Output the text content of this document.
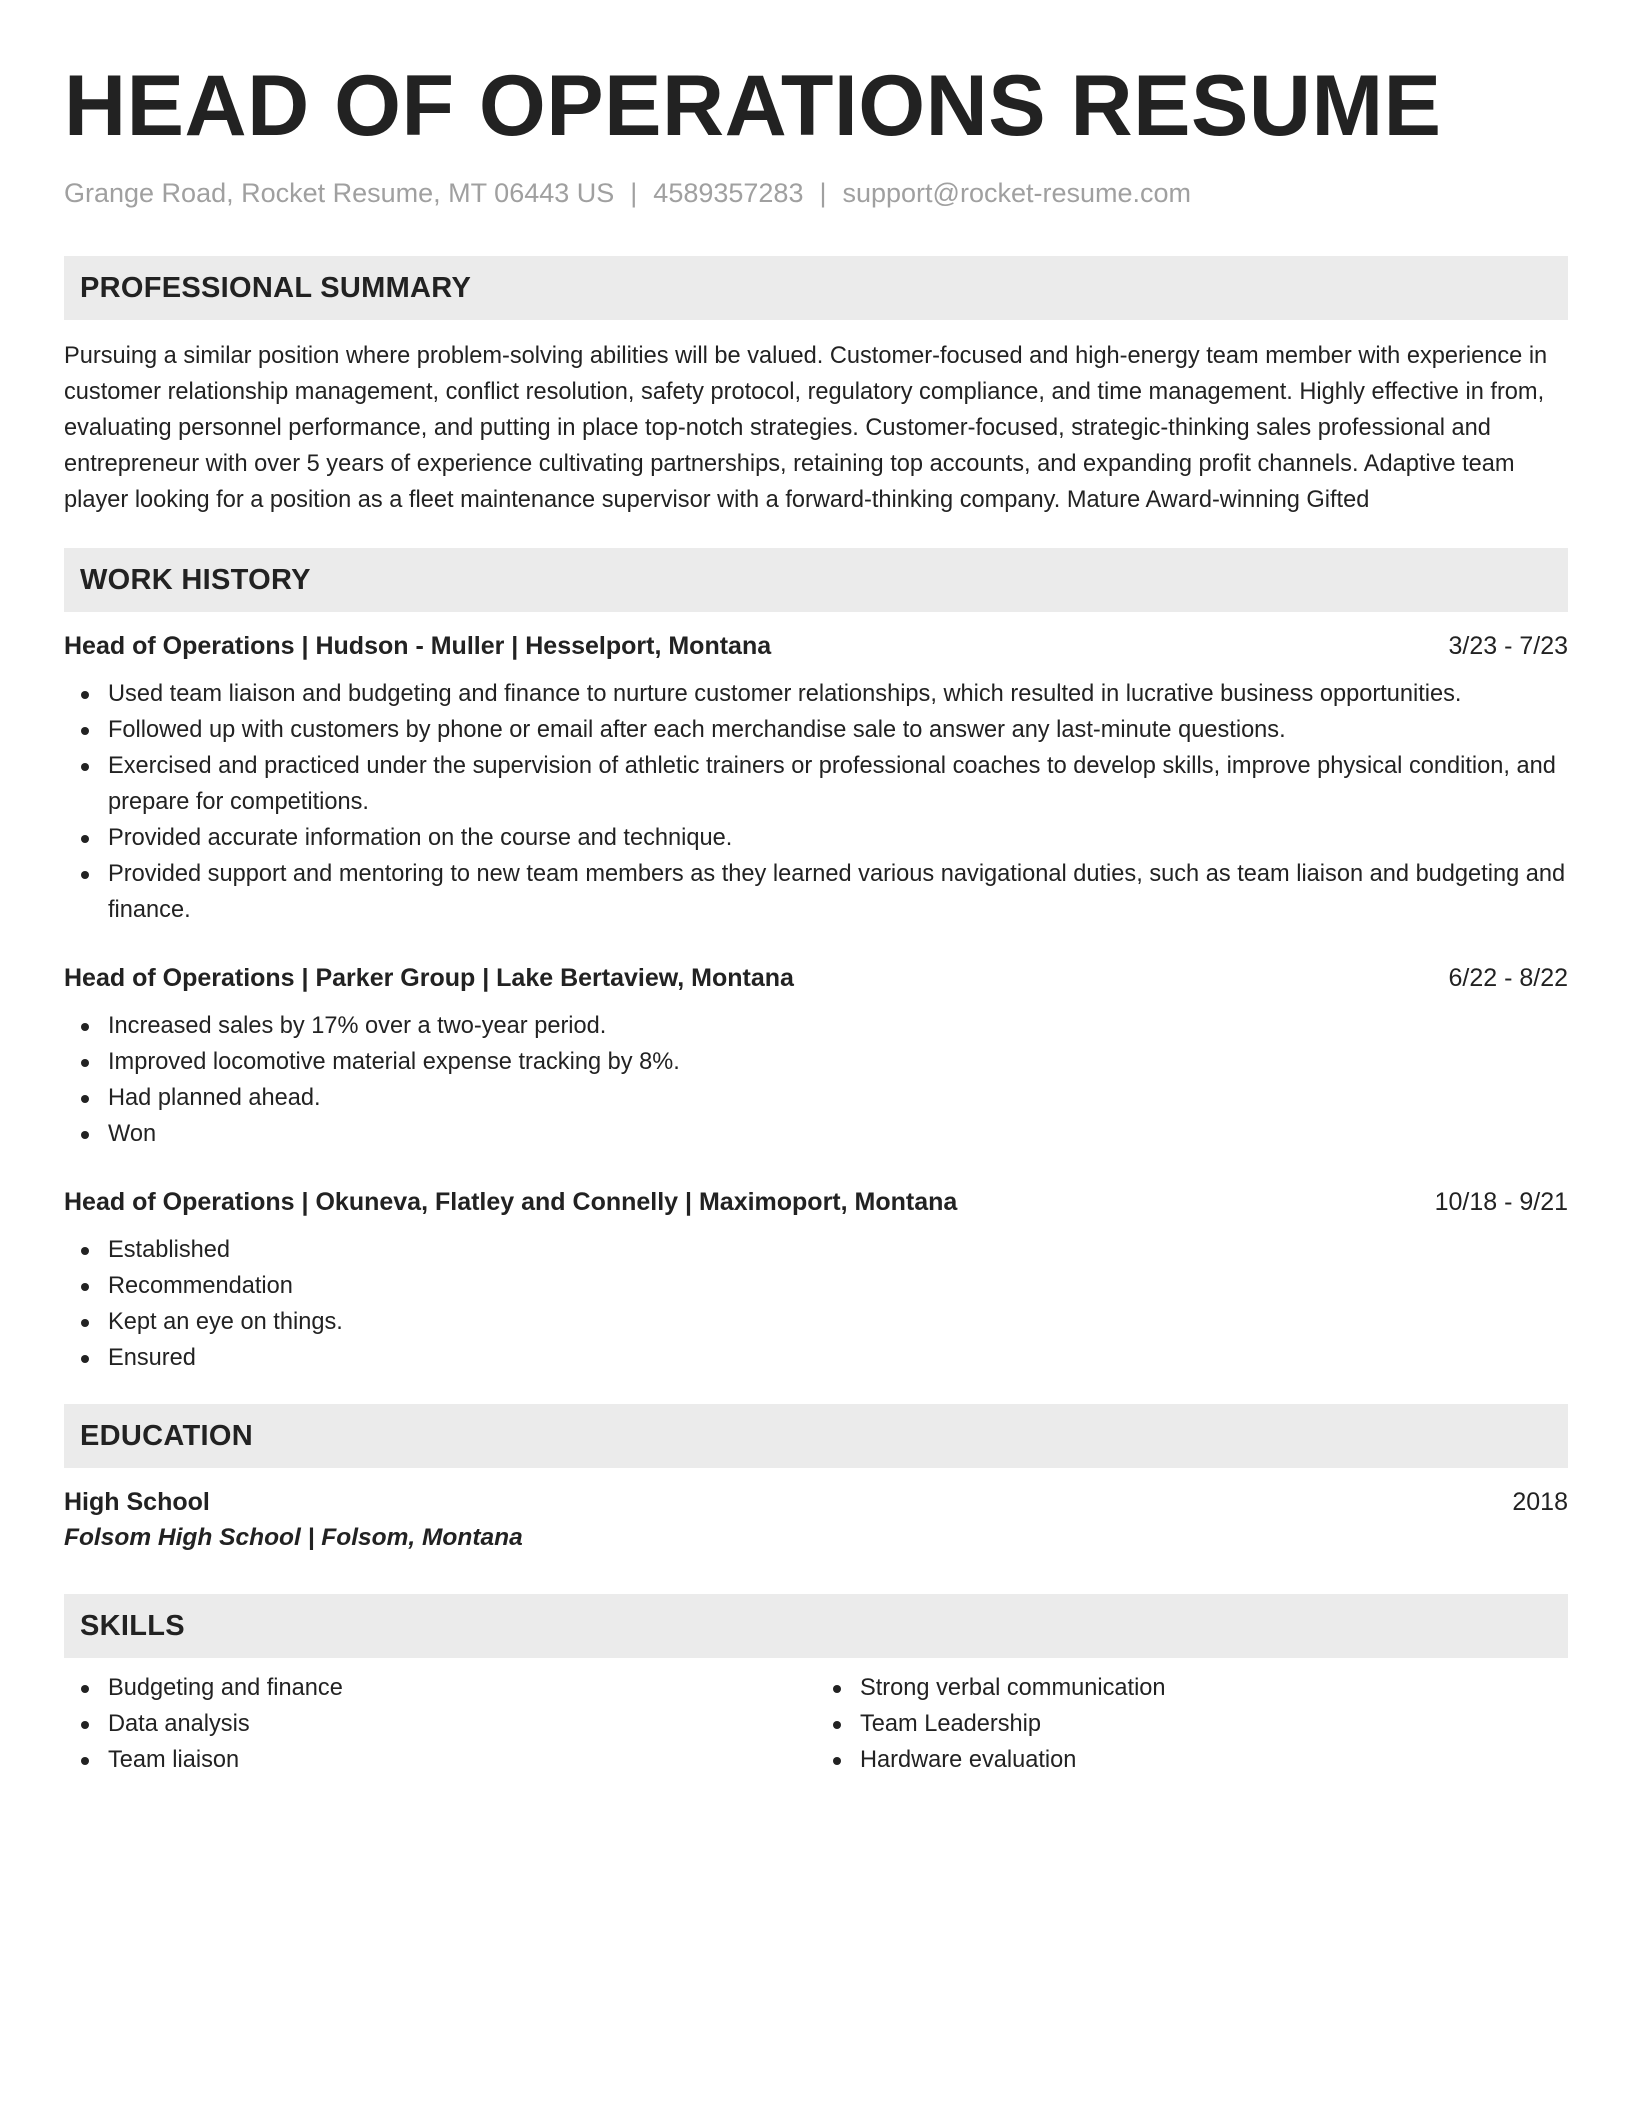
HEAD OF OPERATIONS RESUME
Grange Road, Rocket Resume, MT 06443 US | 4589357283 | support@rocket-resume.com
PROFESSIONAL SUMMARY
Pursuing a similar position where problem-solving abilities will be valued. Customer-focused and high-energy team member with experience in customer relationship management, conflict resolution, safety protocol, regulatory compliance, and time management. Highly effective in from, evaluating personnel performance, and putting in place top-notch strategies. Customer-focused, strategic-thinking sales professional and entrepreneur with over 5 years of experience cultivating partnerships, retaining top accounts, and expanding profit channels. Adaptive team player looking for a position as a fleet maintenance supervisor with a forward-thinking company. Mature Award-winning Gifted
WORK HISTORY
Head of Operations | Hudson - Muller | Hesselport, Montana	3/23 - 7/23
Used team liaison and budgeting and finance to nurture customer relationships, which resulted in lucrative business opportunities.
Followed up with customers by phone or email after each merchandise sale to answer any last-minute questions.
Exercised and practiced under the supervision of athletic trainers or professional coaches to develop skills, improve physical condition, and prepare for competitions.
Provided accurate information on the course and technique.
Provided support and mentoring to new team members as they learned various navigational duties, such as team liaison and budgeting and finance.
Head of Operations | Parker Group | Lake Bertaview, Montana	6/22 - 8/22
Increased sales by 17% over a two-year period.
Improved locomotive material expense tracking by 8%.
Had planned ahead.
Won
Head of Operations | Okuneva, Flatley and Connelly | Maximoport, Montana	10/18 - 9/21
Established
Recommendation
Kept an eye on things.
Ensured
EDUCATION
High School	2018
Folsom High School | Folsom, Montana
SKILLS
Budgeting and finance
Data analysis
Team liaison
Strong verbal communication
Team Leadership
Hardware evaluation
